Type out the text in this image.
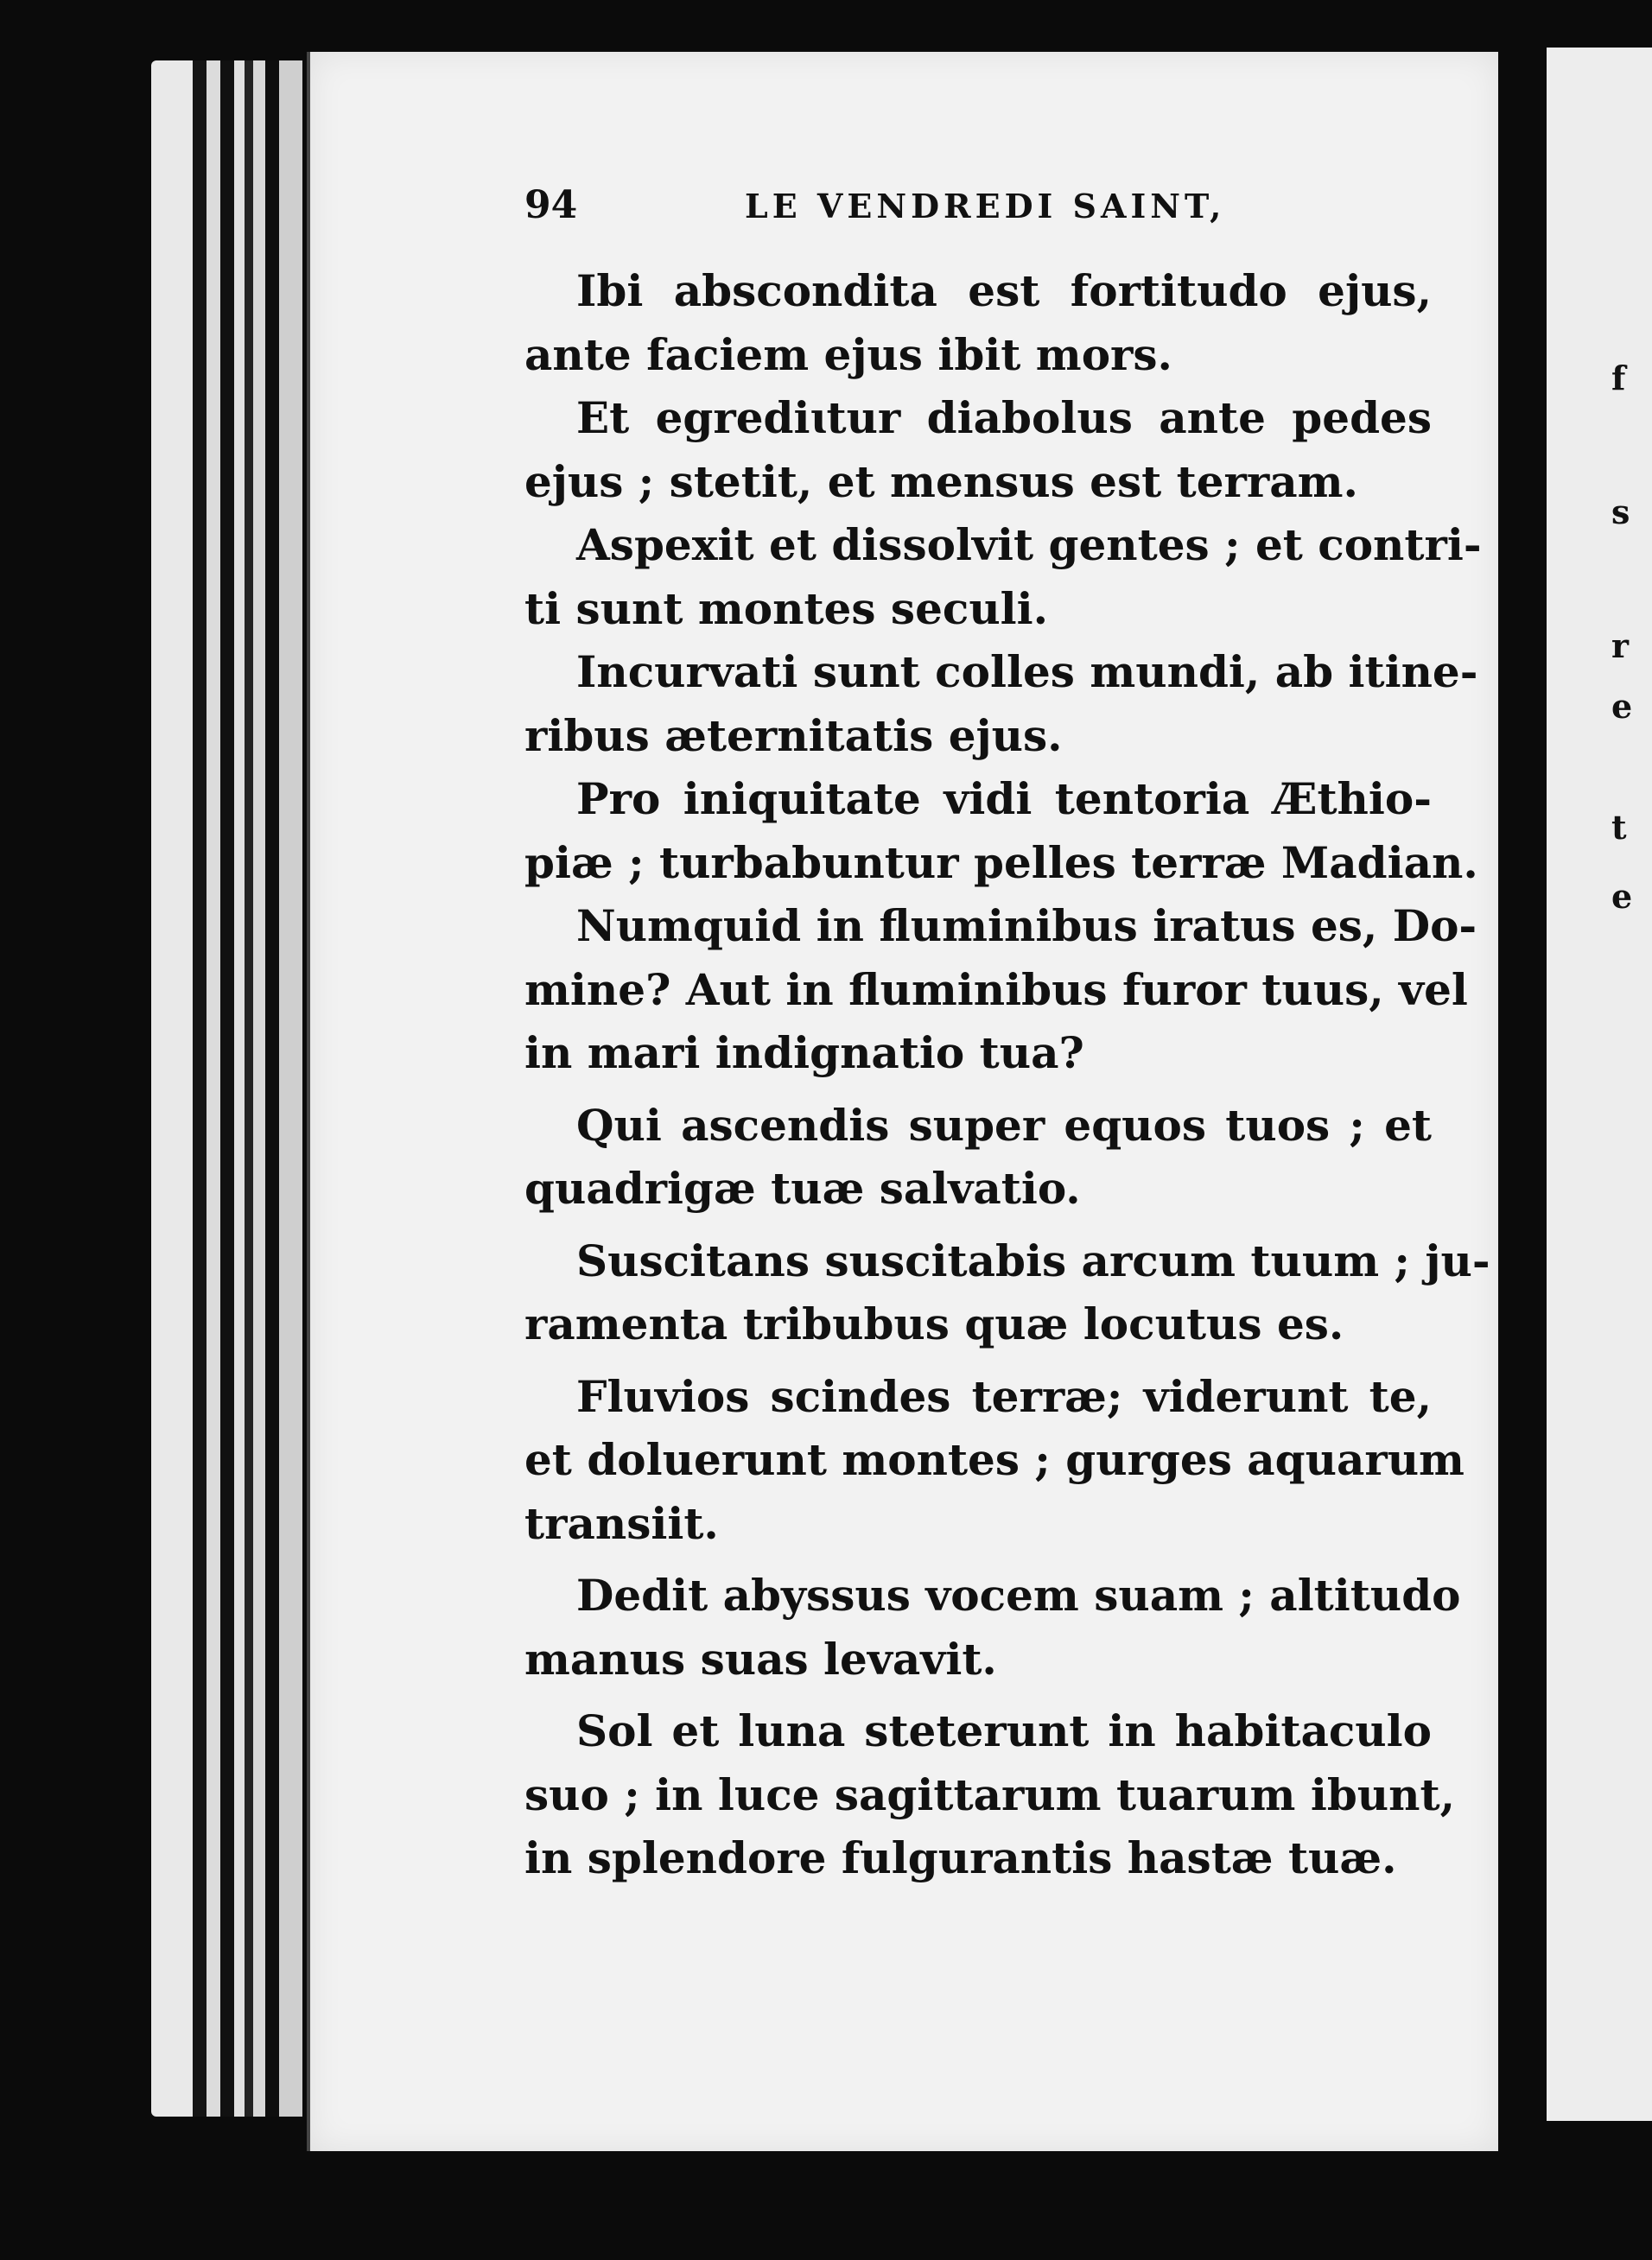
f
s
r
e
t
e
94	LE VENDREDI SAINT,
Ibi abscondita est fortitudo ejus,
ante faciem ejus ibit mors.
Et egrediɩtur diabolus ante pedes
ejus ; stetit, et mensus est terram.
Aspexit et dissolvit gentes ; et contri-
ti sunt montes seculi.
Incurvati sunt colles mundi, ab itine-
ribus æternitatis ejus.
Pro iniquitate vidi tentoria Æthio-
piæ ; turbabuntur pelles terræ Madian.
Numquid in fluminibus iratus es, Do-
mine? Aut in fluminibus furor tuus, vel
in mari indignatio tua?
Qui ascendis super equos tuos ; et
quadrigæ tuæ salvatio.
Suscitans suscitabis arcum tuum ; ju-
ramenta tribubus quæ locutus es.
Fluvios scindes terræ; viderunt te,
et doluerunt montes ; gurges aquarum
transiit.
Dedit abyssus vocem suam ; altitudo
manus suas levavit.
Sol et luna steterunt in habitaculo
suo ; in luce sagittarum tuarum ibunt,
in splendore fulgurantis hastæ tuæ.
